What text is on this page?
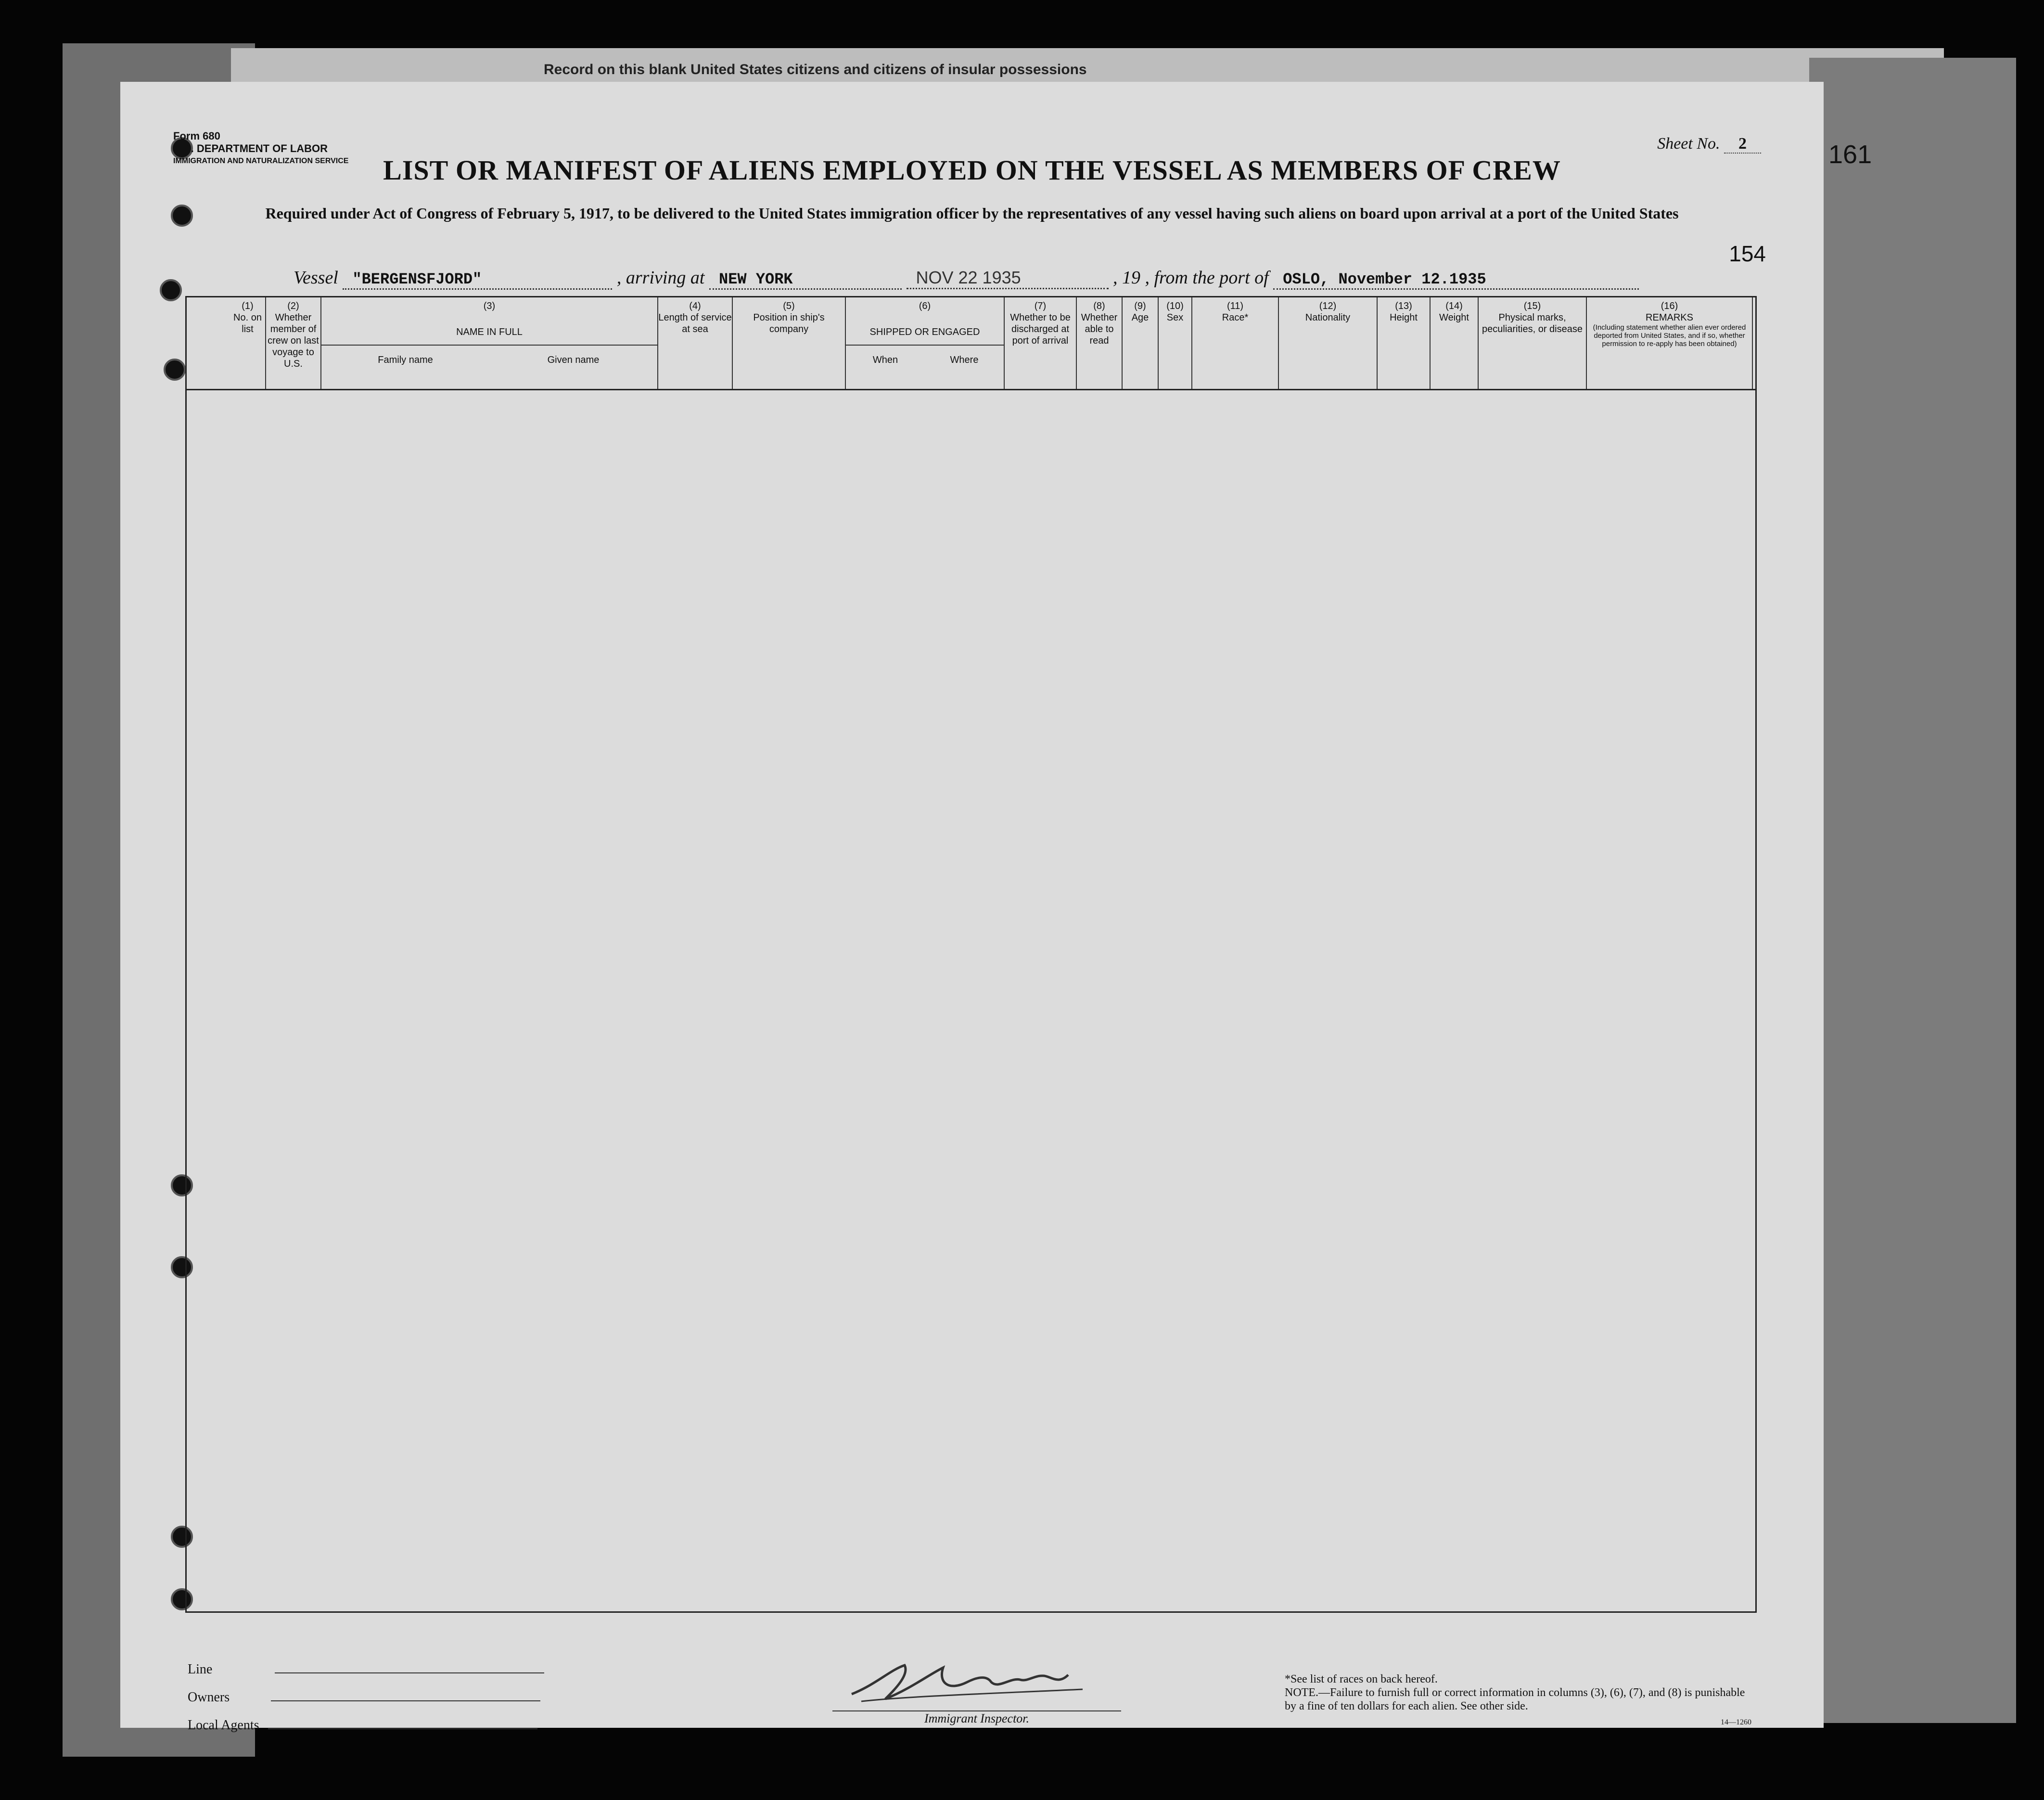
Record on this blank United States citizens and citizens of insular possessions
161
Form 680
U.S. DEPARTMENT OF LABOR
IMMIGRATION AND NATURALIZATION SERVICE
Sheet No. 2
154
LIST OR MANIFEST OF ALIENS EMPLOYED ON THE VESSEL AS MEMBERS OF CREW
Required under Act of Congress of February 5, 1917, to be delivered to the United States immigration officer by the representatives of any vessel having such aliens on board upon arrival at a port of the United States
Vessel "BERGENSFJORD"	, arriving at NEW YORK	NOV 22 1935	, 19 , from the port of OSLO, November 12.1935
(1)
No. on list
(2)
Whether member of crew on last voyage to U.S.
(3)
NAME IN FULL
Family name	Given name
(4)
Length of service at sea
(5)
Position in ship's company
(6)
SHIPPED OR ENGAGED
When	Where
(7)
Whether to be discharged at port of arrival
(8)
Whether able to read
(9)
Age
(10)
Sex
(11)
Race*
(12)
Nationality
(13)
Height
(14)
Weight
(15)
Physical marks, peculiarities, or disease
(16)
REMARKS
(Including statement whether alien ever ordered deported from United States, and if so, whether permission to re-apply has been obtained)
Line
Owners
Local Agents	Immigrant Inspector.
*See list of races on back hereof.
NOTE.—Failure to furnish full or correct information in columns (3), (6), (7), and (8) is punishable by a fine of ten dollars for each alien. See other side.
14—1260
